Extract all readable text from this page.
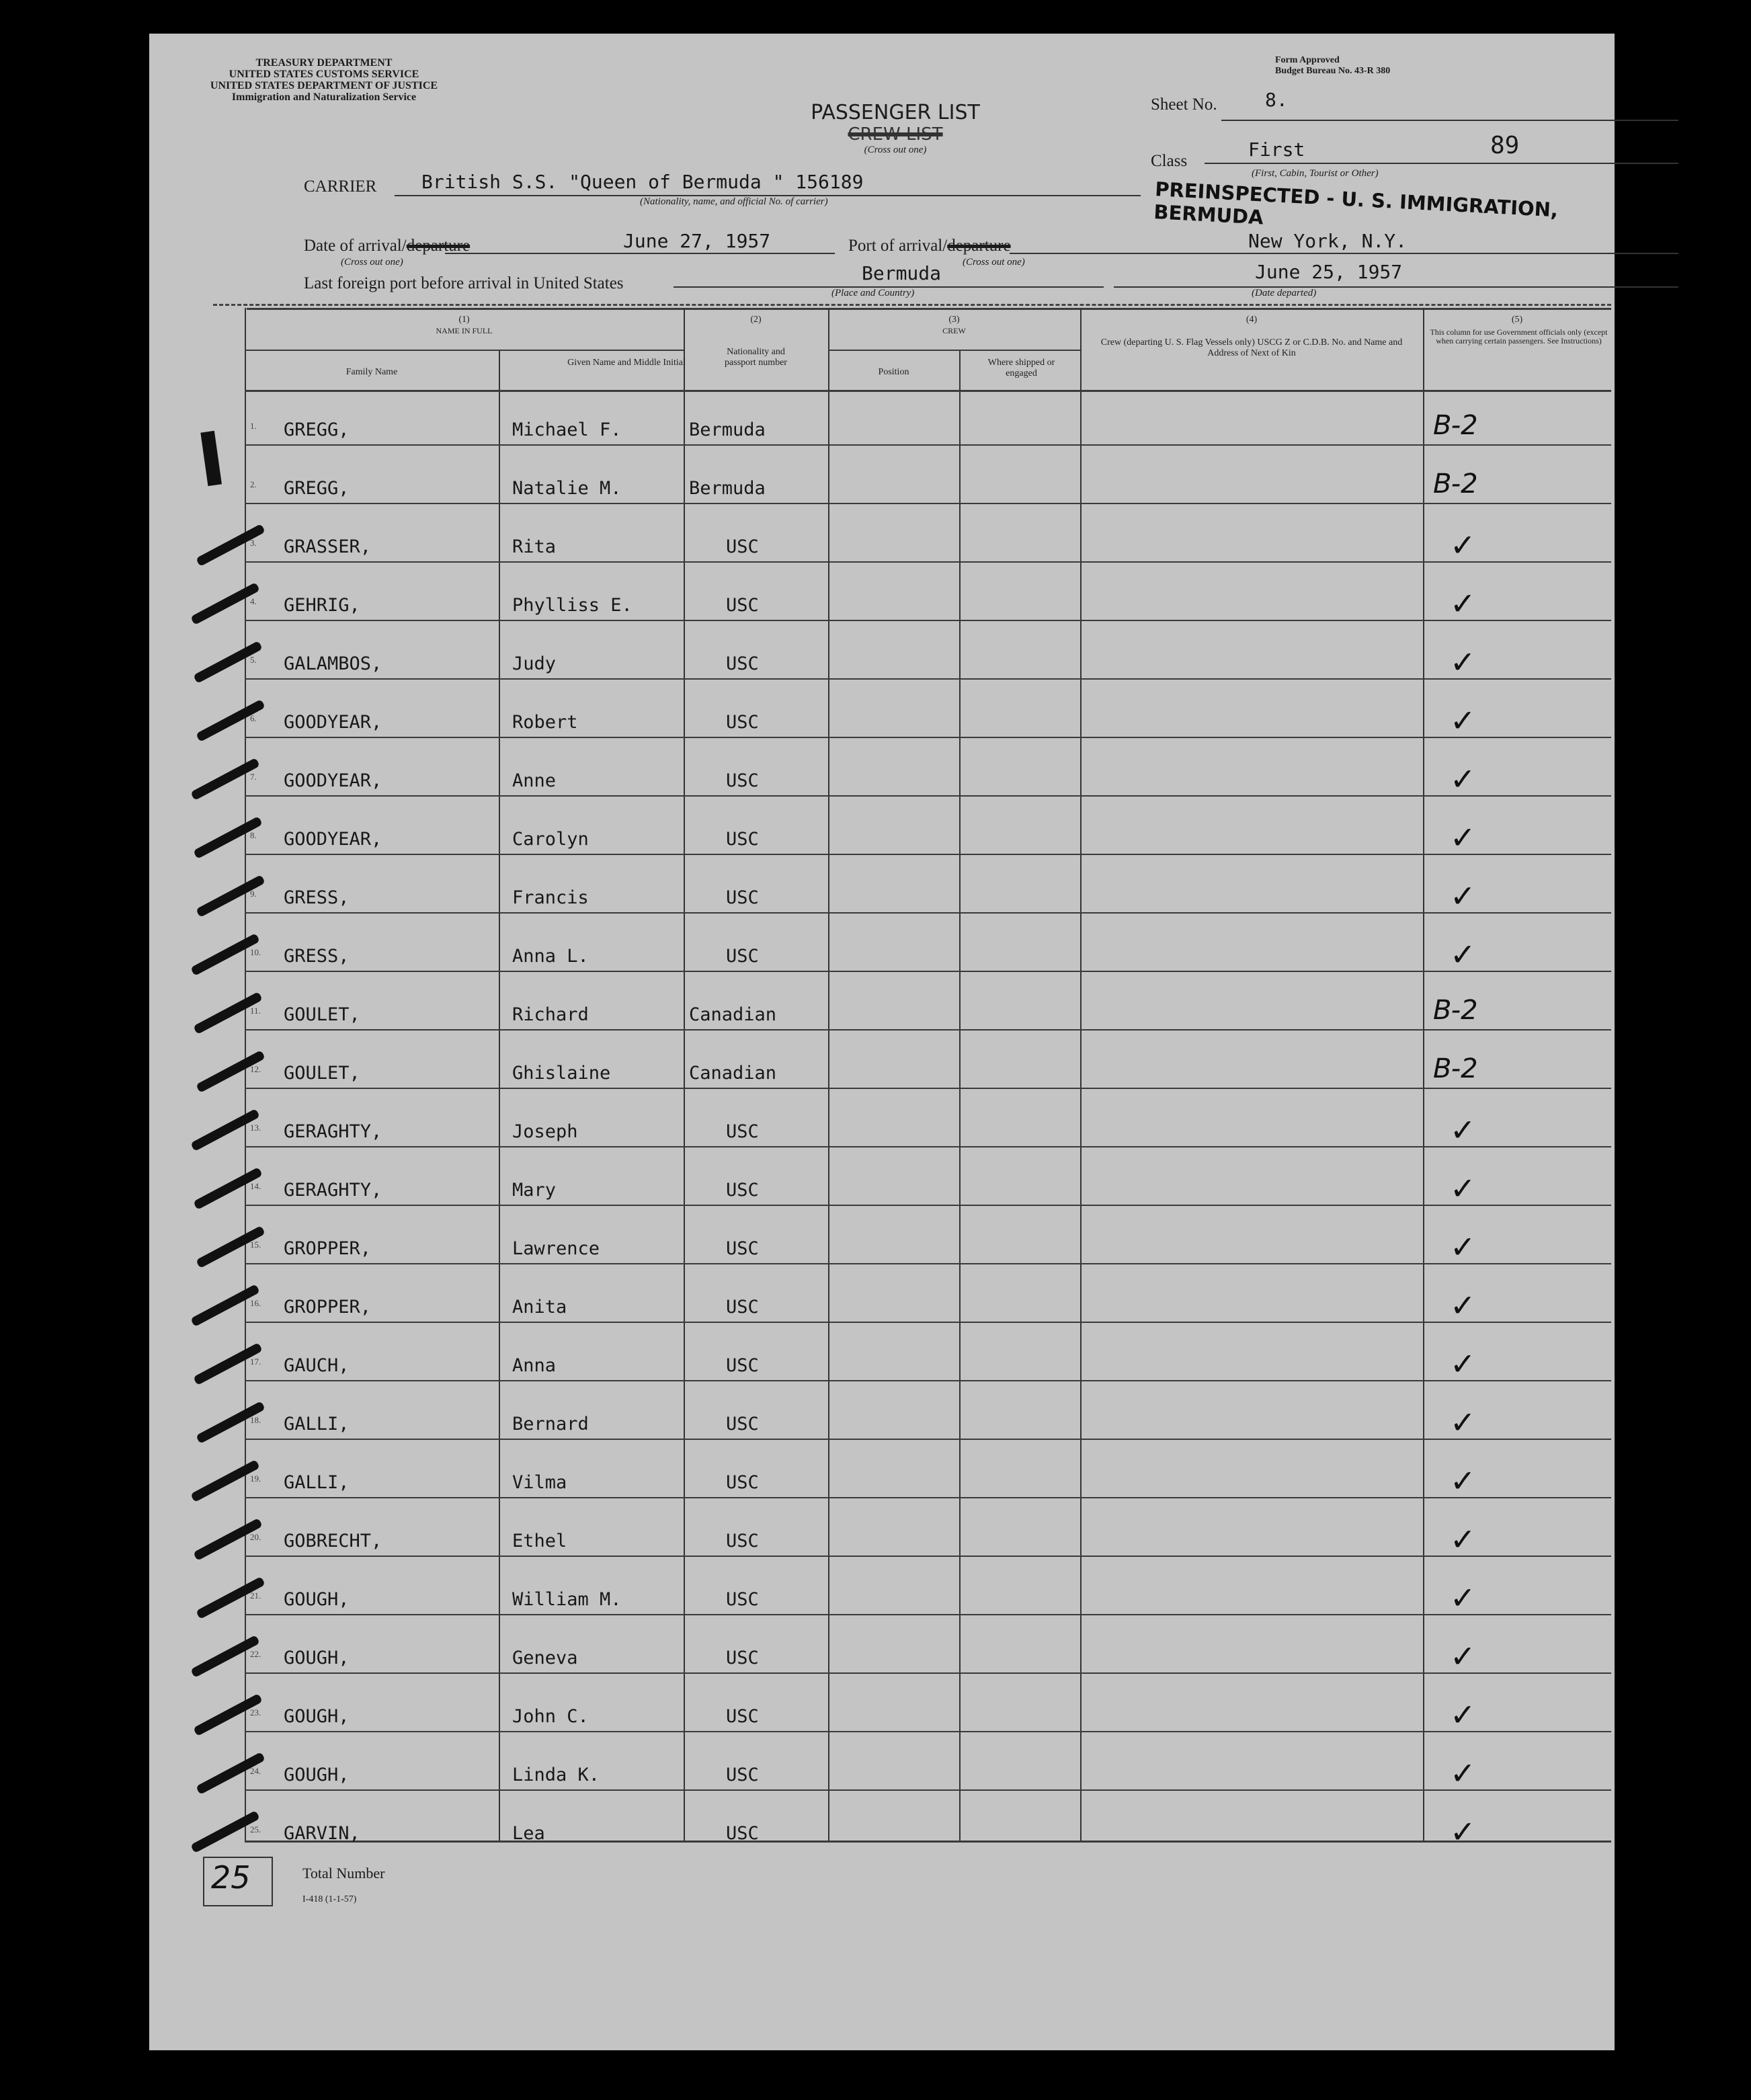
TREASURY DEPARTMENT
UNITED STATES CUSTOMS SERVICE
UNITED STATES DEPARTMENT OF JUSTICE
Immigration and Naturalization Service
Form Approved
Budget Bureau No. 43-R 380
PASSENGER LIST
CREW LIST
(Cross out one)
Sheet No.	8.
Class
First	89
(First, Cabin, Tourist or Other)
CARRIER British S.S. "Queen of Bermuda " 156189
(Nationality, name, and official No. of carrier)	PREINSPECTED - U. S. IMMIGRATION, BERMUDA
Date of arrival/departure
(Cross out one)
June 27, 1957	Port of arrival/departure
(Cross out one)
New York, N.Y.
Last foreign port before arrival in United States	Bermuda
(Place and Country)
June 25, 1957
(Date departed)
(1)
NAME IN FULL
Family Name
Given Name and Middle Initial
(2)
Nationality and passport number
(3)
CREW
Position
Where shipped or engaged
(4)
Crew (departing U. S. Flag Vessels only) USCG Z or C.D.B. No. and Name and Address of Next of Kin
(5)
This column for use Government officials only (except when carrying certain passengers. See Instructions)
1. GREGG,	Michael F.	Bermuda	B-2
2. GREGG,	Natalie M.	Bermuda	B-2
3. GRASSER,	Rita	USC	✓
4. GEHRIG,	Phylliss E.	USC	✓
5. GALAMBOS,	Judy	USC	✓
6. GOODYEAR,	Robert	USC	✓
7. GOODYEAR,	Anne	USC	✓
8. GOODYEAR,	Carolyn	USC	✓
9. GRESS,	Francis	USC	✓
10. GRESS,	Anna L.	USC	✓
11. GOULET,	Richard	Canadian	B-2
12. GOULET,	Ghislaine	Canadian	B-2
13. GERAGHTY,	Joseph	USC	✓
14. GERAGHTY,	Mary	USC	✓
15. GROPPER,	Lawrence	USC	✓
16. GROPPER,	Anita	USC	✓
17. GAUCH,	Anna	USC	✓
18. GALLI,	Bernard	USC	✓
19. GALLI,	Vilma	USC	✓
20. GOBRECHT,	Ethel	USC	✓
21. GOUGH,	William M.	USC	✓
22. GOUGH,	Geneva	USC	✓
23. GOUGH,	John C.	USC	✓
24. GOUGH,	Linda K.	USC	✓
25. GARVIN,	Lea	USC	✓
I
25	Total Number
I-418 (1-1-57)
